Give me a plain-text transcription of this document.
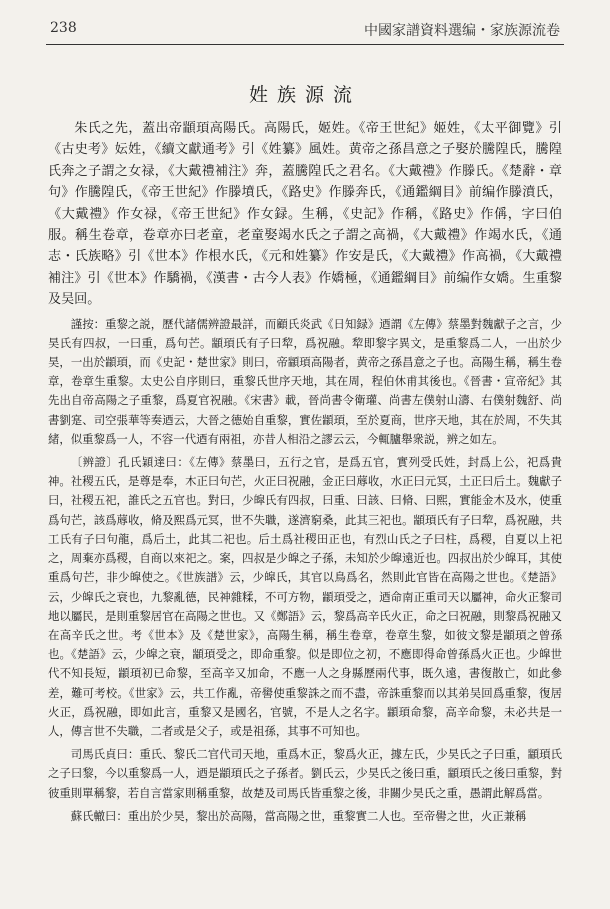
238	中國家譜資料選编・家族源流卷
姓族源流

朱氏之先，蓋出帝顓頊高陽氏。高陽氏，姬姓。《帝王世紀》姬姓，《太平御覽》引《古史考》妘姓，《續文獻通考》引《姓纂》風姓。黄帝之孫昌意之子娶於騰隍氏，騰隍氏奔之子謂之女禄，《大戴禮補注》奔，蓋騰隍氏之君名。《大戴禮》作滕氏。《楚辭・章句》作騰隍氏，《帝王世紀》作滕墳氏，《路史》作滕奔氏，《通鑑綱目》前编作滕濆氏，《大戴禮》作女禄，《帝王世紀》作女録。生稱，《史記》作稱，《路史》作偁，字曰伯服。稱生卷章，卷章亦曰老童，老童娶竭水氏之子謂之高禍，《大戴禮》作竭水氏，《通志・氏族略》引《世本》作根水氏，《元和姓纂》作安是氏，《大戴禮》作高禍，《大戴禮補注》引《世本》作驕禍，《漢書・古今人表》作嬌極，《通鑑綱目》前编作女嬌。生重黎及吴回。

謹按：重黎之説，歷代諸儒辨證最詳，而顧氏炎武《日知録》迺謂《左傳》蔡墨對魏獻子之言，少昊氏有四叔，一曰重，爲句芒。顓頊氏有子曰犂，爲祝融。犂即黎字異文，是重黎爲二人，一出於少昊，一出於顓頊，而《史記・楚世家》則曰，帝顓頊高陽者，黄帝之孫昌意之子也。高陽生稱，稱生卷章，卷章生重黎。太史公自序則曰，重黎氏世序天地，其在周，程伯休甫其後也。《晉書・宣帝紀》其先出自帝高陽之子重黎，爲夏官祝融。《宋書》載，晉尚書令衛瓘、尚書左僕射山濤、右僕射魏舒、尚書劉寔、司空張華等奏迺云，大晉之德始自重黎，實佐顓頊，至於夏商，世序天地，其在於周，不失其緒，似重黎爲一人，不容一代迺有兩祖，亦昔人相沿之謬云云，今輒臚舉衆説，辨之如左。

〔辨證〕孔氏穎達曰：《左傳》蔡墨曰，五行之官，是爲五官，實列受氏姓，封爲上公，祀爲貴神。社稷五氏，是尊是奉，木正曰句芒，火正曰祝融，金正曰蓐收，水正曰元冥，土正曰后土。魏獻子曰，社稷五祀，誰氏之五官也。對曰，少皡氏有四叔，曰重、曰該、曰脩、曰熙，實能金木及水，使重爲句芒，該爲蓐收，脩及熙爲元冥，世不失職，遂濟窮桑，此其三祀也。顓頊氏有子曰犂，爲祝融，共工氏有子曰句龍，爲后土，此其二祀也。后土爲社稷田正也，有烈山氏之子曰柱，爲稷，自夏以上祀之，周棄亦爲稷，自商以來祀之。案，四叔是少皡之子孫，未知於少皡遠近也。四叔出於少皡耳，其使重爲句芒，非少皡使之。《世族譜》云，少皡氏，其官以鳥爲名，然則此官皆在高陽之世也。《楚語》云，少皡氏之衰也，九黎亂德，民神雜糅，不可方物，顓頊受之，迺命南正重司天以屬神，命火正黎司地以屬民，是則重黎居官在高陽之世也。又《鄭語》云，黎爲高辛氏火正，命之曰祝融，則黎爲祝融又在高辛氏之世。考《世本》及《楚世家》，高陽生稱，稱生卷章，卷章生黎，如彼文黎是顓頊之曾孫也。《楚語》云，少皡之衰，顓頊受之，即命重黎。似是即位之初，不應即得命曾孫爲火正也。少皡世代不知長短，顓頊初已命黎，至高辛又加命，不應一人之身縣歷兩代事，既久遠，書復散亡，如此參差，難可考校。《世家》云，共工作亂，帝嚳使重黎誅之而不盡，帝誅重黎而以其弟吴回爲重黎，復居火正，爲祝融，即如此言，重黎又是國名，官號，不是人之名字。顓頊命黎，高辛命黎，未必共是一人，傳言世不失職，二者或是父子，或是祖孫，其事不可知也。

司馬氏貞曰：重氏、黎氏二官代司天地，重爲木正，黎爲火正，據左氏，少昊氏之子曰重，顓頊氏之子曰黎，今以重黎爲一人，迺是顓頊氏之子孫者。劉氏云，少昊氏之後曰重，顓頊氏之後曰重黎，對彼重則單稱黎，若自言當家則稱重黎，故楚及司馬氏皆重黎之後，非關少昊氏之重，愚謂此解爲當。

蘇氏轍曰：重出於少昊，黎出於高陽，當高陽之世，重黎實二人也。至帝嚳之世，火正兼稱
